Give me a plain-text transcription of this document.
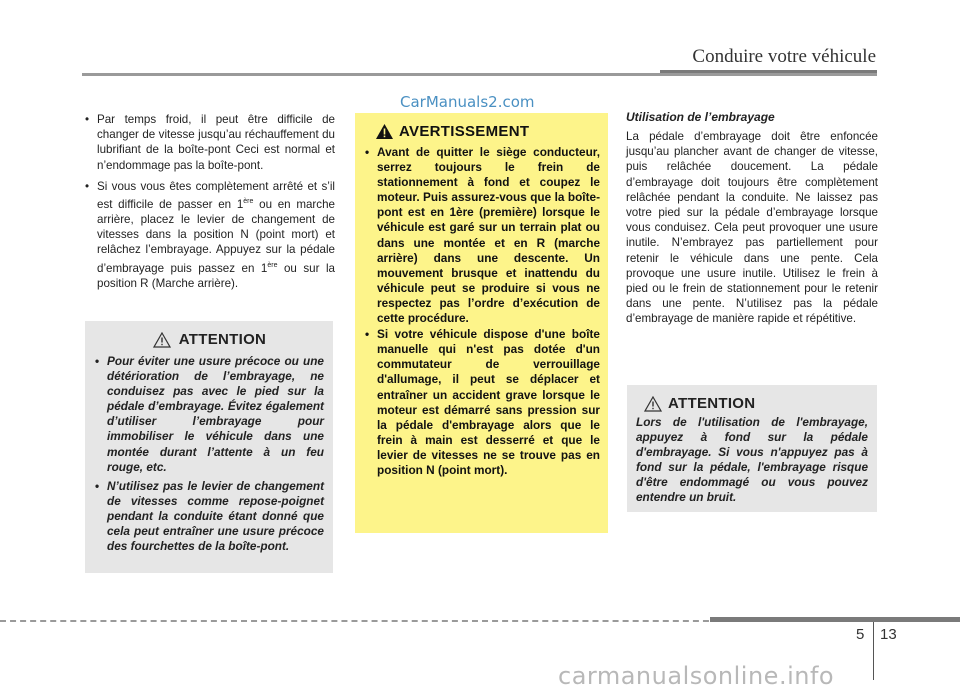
Conduire votre véhicule
CarManuals2.com
• Par temps froid, il peut être difficile de changer de vitesse jusqu’au réchauffement du lubrifiant de la boîte-pont Ceci est normal et n’endommage pas la boîte-pont.
• Si vous vous êtes complètement arrêté et s’il est difficile de passer en 1ère ou en marche arrière, placez le levier de changement de vitesses dans la position N (point mort) et relâchez l’embrayage. Appuyez sur la pédale d’embrayage puis passez en 1ère ou sur la position R (Marche arrière).
ATTENTION
• Pour éviter une usure précoce ou une détérioration de l’embrayage, ne conduisez pas avec le pied sur la pédale d’embrayage. Évitez également d’utiliser l’embrayage pour immobiliser le véhicule dans une montée durant l’attente à un feu rouge, etc.
• N’utilisez pas le levier de changement de vitesses comme repose-poignet pendant la conduite étant donné que cela peut entraîner une usure précoce des fourchettes de la boîte-pont.
AVERTISSEMENT
• Avant de quitter le siège conducteur, serrez toujours le frein de stationnement à fond et coupez le moteur. Puis assurez-vous que la boîte-pont est en 1ère (première) lorsque le véhicule est garé sur un terrain plat ou dans une montée et en R (marche arrière) dans une descente. Un mouvement brusque et inattendu du véhicule peut se produire si vous ne respectez pas l’ordre d’exécution de cette procédure.
• Si votre véhicule dispose d'une boîte manuelle qui n'est pas dotée d'un commutateur de verrouillage d'allumage, il peut se déplacer et entraîner un accident grave lorsque le moteur est démarré sans pression sur la pédale d'embrayage alors que le frein à main est desserré et que le levier de vitesses ne se trouve pas en position N (point mort).
Utilisation de l’embrayage

La pédale d’embrayage doit être enfoncée jusqu’au plancher avant de changer de vitesse, puis relâchée doucement. La pédale d’embrayage doit toujours être complètement relâchée pendant la conduite. Ne laissez pas votre pied sur la pédale d’embrayage lorsque vous conduisez. Cela peut provoquer une usure inutile. N’embrayez pas partiellement pour retenir le véhicule dans une pente. Cela provoque une usure inutile. Utilisez le frein à pied ou le frein de stationnement pour le retenir dans une pente. N’utilisez pas la pédale d’embrayage de manière rapide et répétitive.

ATTENTION

Lors de l'utilisation de l'embrayage, appuyez à fond sur la pédale d'embrayage. Si vous n'appuyez pas à fond sur la pédale, l'embrayage risque d'être endommagé ou vous pouvez entendre un bruit.

5 13
carmanualsonline.info
